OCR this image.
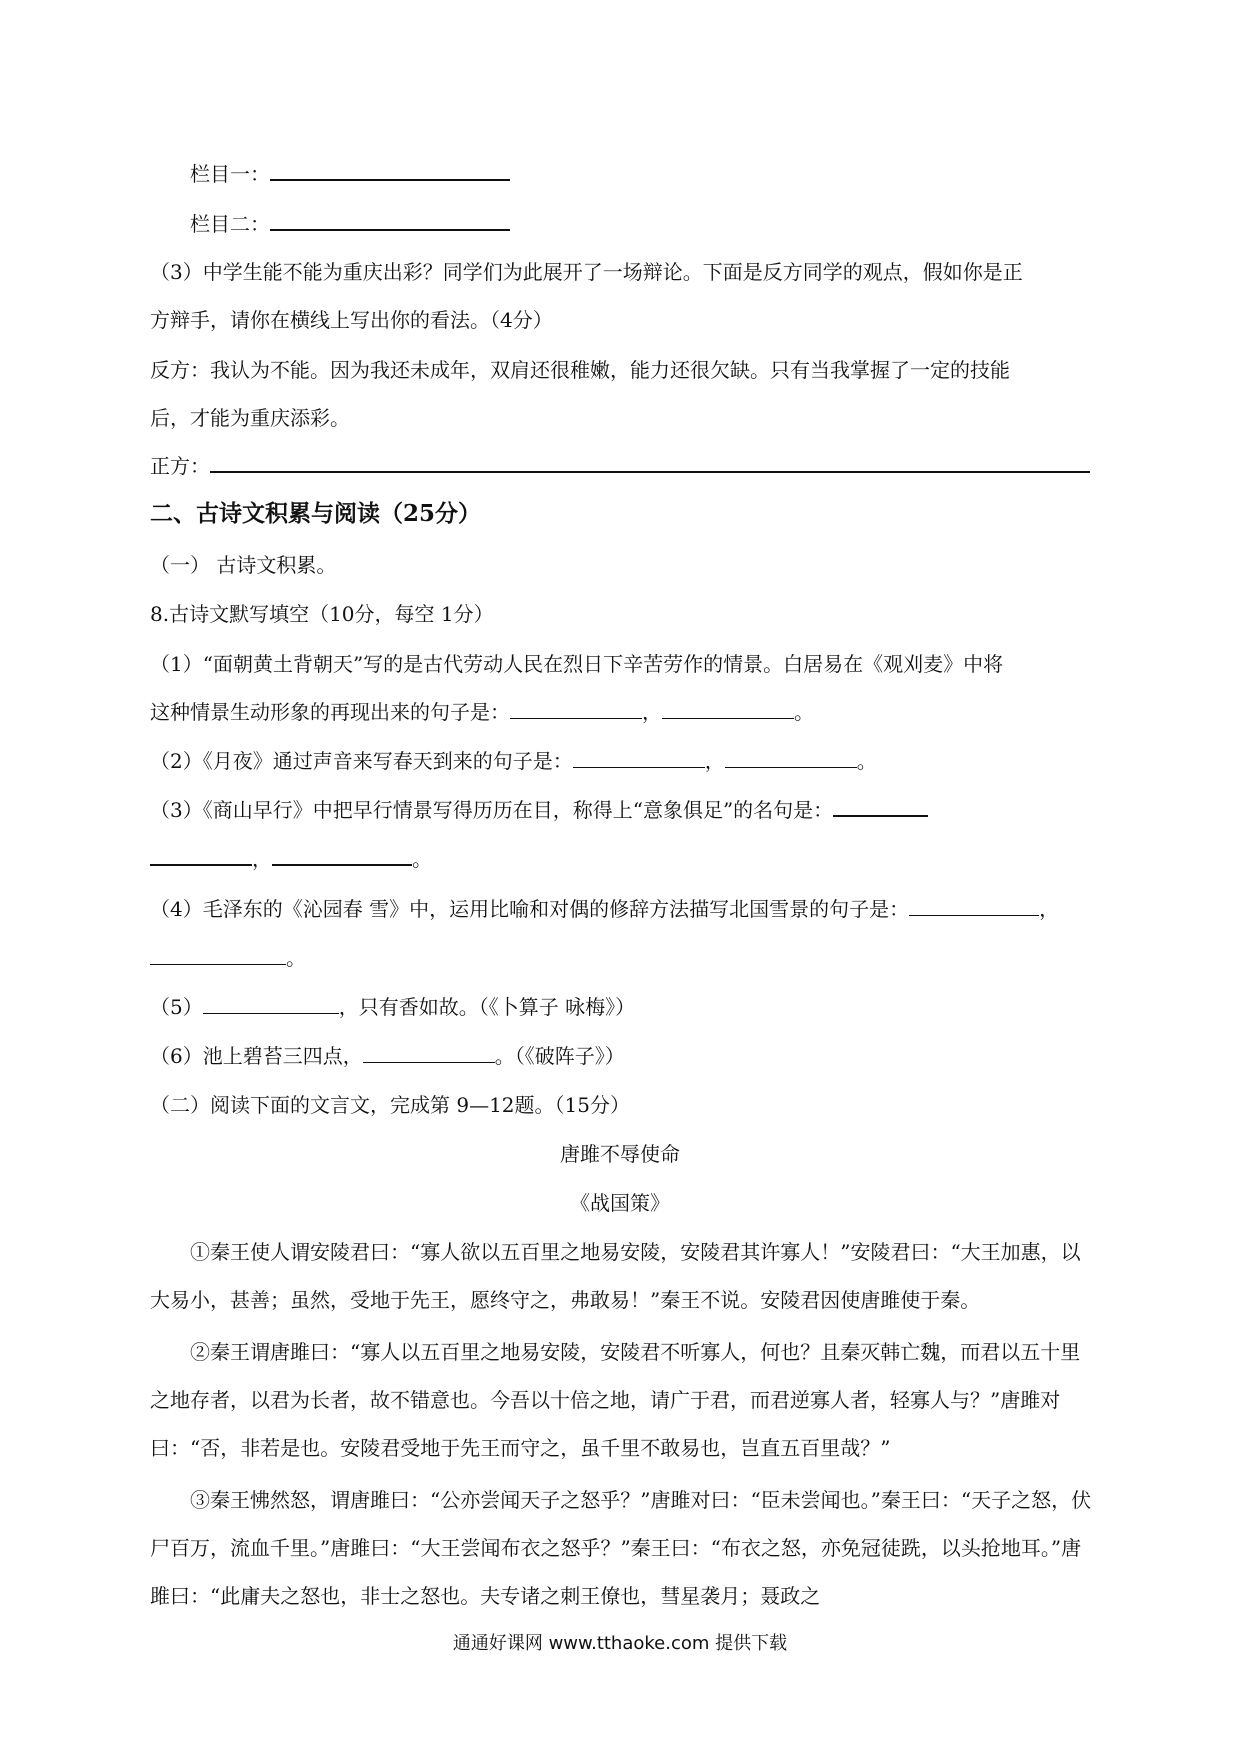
栏目一：
栏目二：
（3）中学生能不能为重庆出彩？同学们为此展开了一场辩论。下面是反方同学的观点，假如你是正
方辩手，请你在横线上写出你的看法。（4分）
反方：我认为不能。因为我还未成年，双肩还很稚嫩，能力还很欠缺。只有当我掌握了一定的技能
后，才能为重庆添彩。
正方：
二、古诗文积累与阅读（25分）
（一） 古诗文积累。
8.古诗文默写填空（10分，每空 1分）
（1）“面朝黄土背朝天”写的是古代劳动人民在烈日下辛苦劳作的情景。白居易在《观刈麦》中将
这种情景生动形象的再现出来的句子是：	，	。
（2）《月夜》通过声音来写春天到来的句子是：	，	。
（3）《商山早行》中把早行情景写得历历在目，称得上“意象俱足”的名句是：
，	。
（4）毛泽东的《沁园春 雪》中，运用比喻和对偶的修辞方法描写北国雪景的句子是：	，
。
（5）	，只有香如故。（《卜算子 咏梅》）
（6）池上碧苔三四点，	。（《破阵子》）
（二）阅读下面的文言文，完成第 9—12题。（15分）
唐雎不辱使命
《战国策》
①秦王使人谓安陵君曰：“寡人欲以五百里之地易安陵，安陵君其许寡人！”安陵君曰：“大王加惠，以大易小，甚善；虽然，受地于先王，愿终守之，弗敢易！”秦王不说。安陵君因使唐雎使于秦。
②秦王谓唐雎曰：“寡人以五百里之地易安陵，安陵君不听寡人，何也？且秦灭韩亡魏，而君以五十里之地存者，以君为长者，故不错意也。今吾以十倍之地，请广于君，而君逆寡人者，轻寡人与？”唐雎对曰：“否，非若是也。安陵君受地于先王而守之，虽千里不敢易也，岂直五百里哉？”
③秦王怫然怒，谓唐雎曰：“公亦尝闻天子之怒乎？”唐雎对曰：“臣未尝闻也。”秦王曰：“天子之怒，伏尸百万，流血千里。”唐雎曰：“大王尝闻布衣之怒乎？”秦王曰：“布衣之怒，亦免冠徒跣，以头抢地耳。”唐雎曰：“此庸夫之怒也，非士之怒也。夫专诸之刺王僚也，彗星袭月；聂政之
通通好课网 www.tthaoke.com 提供下载
